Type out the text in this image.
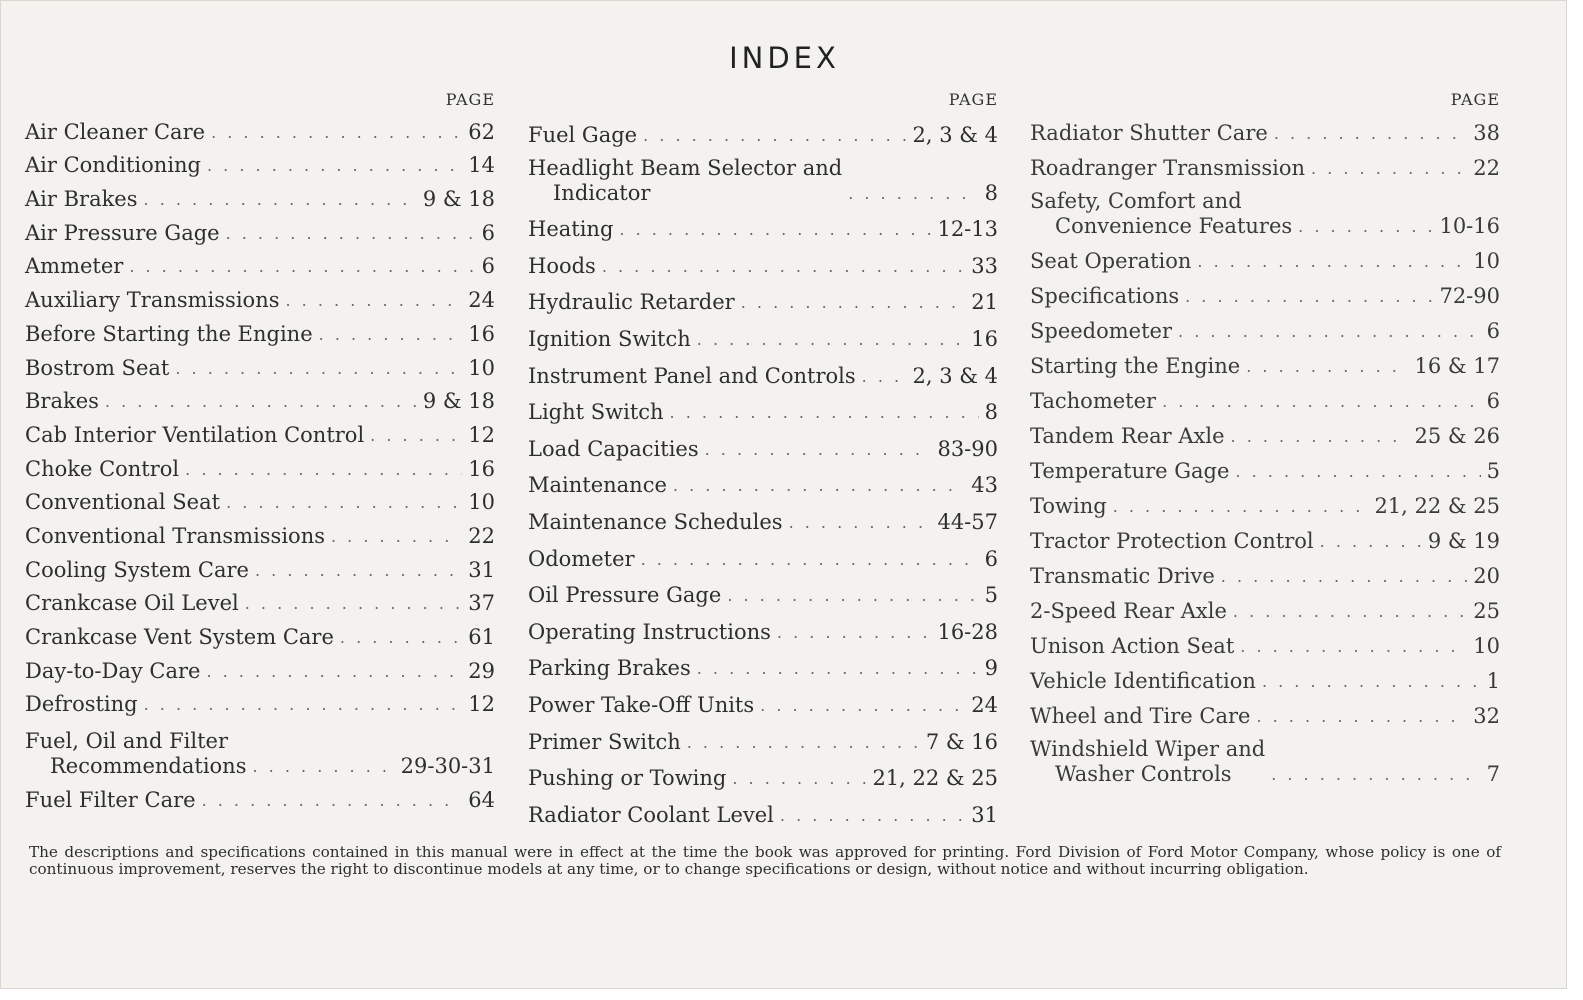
INDEX
PAGE
Air Cleaner Care . . .	62
Air Conditioning . . .	14
Air Brakes . . .	9 & 18
Air Pressure Gage . . .	6
Ammeter . . .	6
Auxiliary Transmissions . . .	24
Before Starting the Engine . . .	16
Bostrom Seat . . .	10
Brakes . . .	9 & 18
Cab Interior Ventilation Control . . .	12
Choke Control . . .	16
Conventional Seat . . .	10
Conventional Transmissions . . .	22
Cooling System Care . . .	31
Crankcase Oil Level . . .	37
Crankcase Vent System Care . . .	61
Day-to-Day Care . . .	29
Defrosting . . .	12
Fuel, Oil and Filter
Recommendations . . .	29-30-31
Fuel Filter Care . . .	64
PAGE
Fuel Gage . . .	2, 3 & 4
Headlight Beam Selector and
Indicator . . .	8
Heating . . .	12-13
Hoods . . .	33
Hydraulic Retarder . . .	21
Ignition Switch . . .	16
Instrument Panel and Controls . . .	2, 3 & 4
Light Switch . . .	8
Load Capacities . . .	83-90
Maintenance . . .	43
Maintenance Schedules . . .	44-57
Odometer . . .	6
Oil Pressure Gage . . .	5
Operating Instructions . . .	16-28
Parking Brakes . . .	9
Power Take-Off Units . . .	24
Primer Switch . . .	7 & 16
Pushing or Towing . . .	21, 22 & 25
Radiator Coolant Level . . .	31
PAGE
Radiator Shutter Care . . .	38
Roadranger Transmission . . .	22
Safety, Comfort and
Convenience Features . . .	10-16
Seat Operation . . .	10
Specifications . . .	72-90
Speedometer . . .	6
Starting the Engine . . .	16 & 17
Tachometer . . .	6
Tandem Rear Axle . . .	25 & 26
Temperature Gage . . .	5
Towing . . .	21, 22 & 25
Tractor Protection Control . . .	9 & 19
Transmatic Drive . . .	20
2-Speed Rear Axle . . .	25
Unison Action Seat . . .	10
Vehicle Identification . . .	1
Wheel and Tire Care . . .	32
Windshield Wiper and
Washer Controls . . .	7
The descriptions and specifications contained in this manual were in effect at the time the book was approved for printing. Ford Division of Ford Motor Company, whose policy is one of continuous improvement, reserves the right to discontinue models at any time, or to change specifications or design, without notice and without incurring obligation.
